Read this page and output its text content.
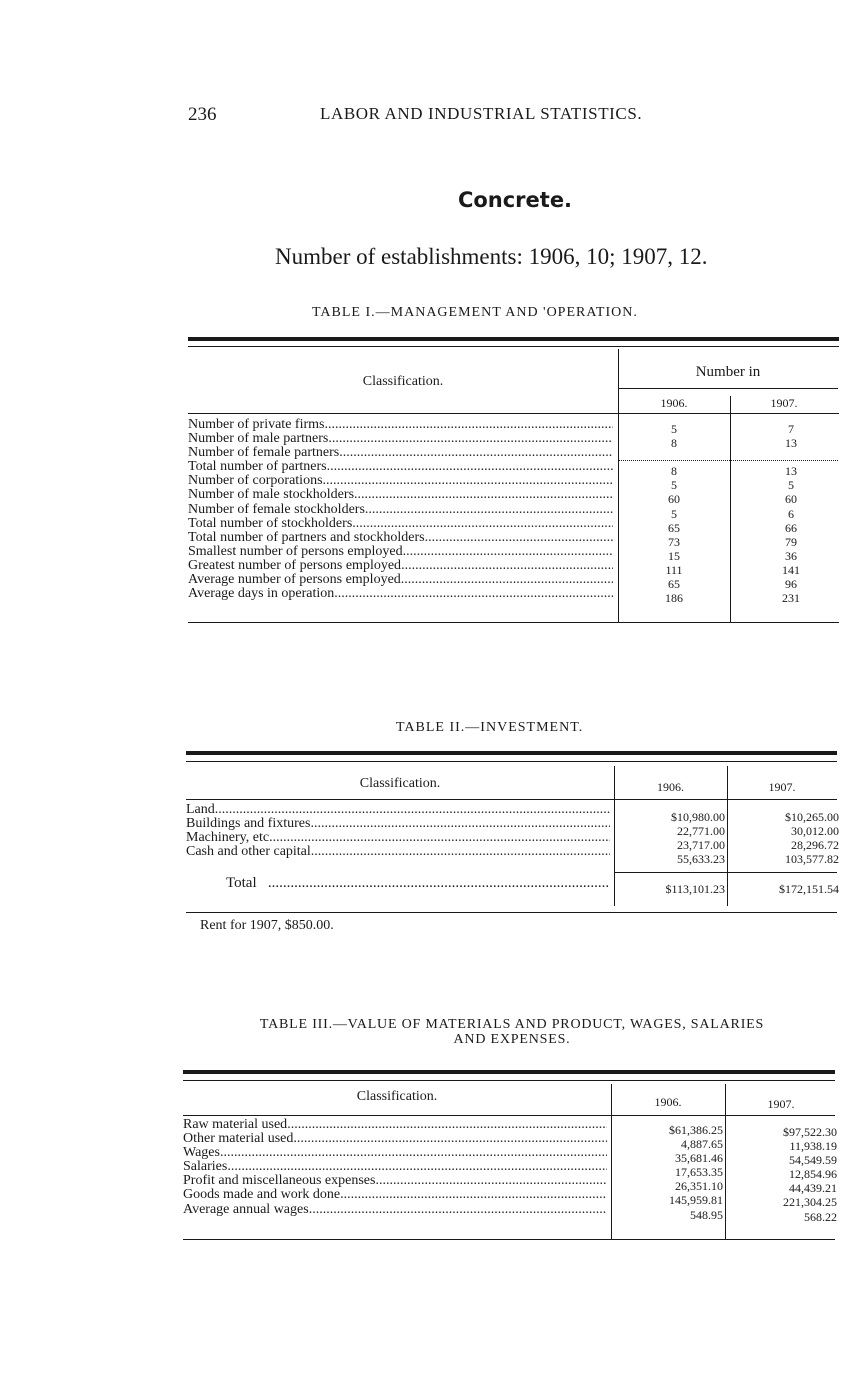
236	LABOR AND INDUSTRIAL STATISTICS.
Concrete.
Number of establishments: 1906, 10; 1907, 12.
TABLE I.—MANAGEMENT AND 'OPERATION.
Classification.
Number in
1906.	1907.
Number of private firms
.....
Number of male partners
.....
Number of female partners
.....
Total number of partners
.....
Number of corporations
.....
Number of male stockholders
.....
Number of female stockholders
.....
Total number of stockholders
.....
Total number of partners and stockholders
.....
Smallest number of persons employed
.....
Greatest number of persons employed
.....
Average number of persons employed
.....
Average days in operation
.....
5
8

8
5
60
5
65
73
15
111
65
186
7
13

13
5
60
6
66
79
36
141
96
231
TABLE II.—INVESTMENT.
Classification.	1906.	1907.
Land
.....
Buildings and fixtures
.....
Machinery, etc
.....
Cash and other capital
.....
$10,980.00
22,771.00
23,717.00
55,633.23
$10,265.00
30,012.00
28,296.72
103,577.82
Total
.....	$113,101.23	$172,151.54
Rent for 1907, $850.00.
TABLE III.—VALUE OF MATERIALS AND PRODUCT, WAGES, SALARIES
AND EXPENSES.
Classification.	1906.	1907.
Raw material used
.....
Other material used
.....
Wages
.....
Salaries
.....
Profit and miscellaneous expenses
.....
Goods made and work done
.....
Average annual wages
.....
$61,386.25
4,887.65
35,681.46
17,653.35
26,351.10
145,959.81
548.95
$97,522.30
11,938.19
54,549.59
12,854.96
44,439.21
221,304.25
568.22
